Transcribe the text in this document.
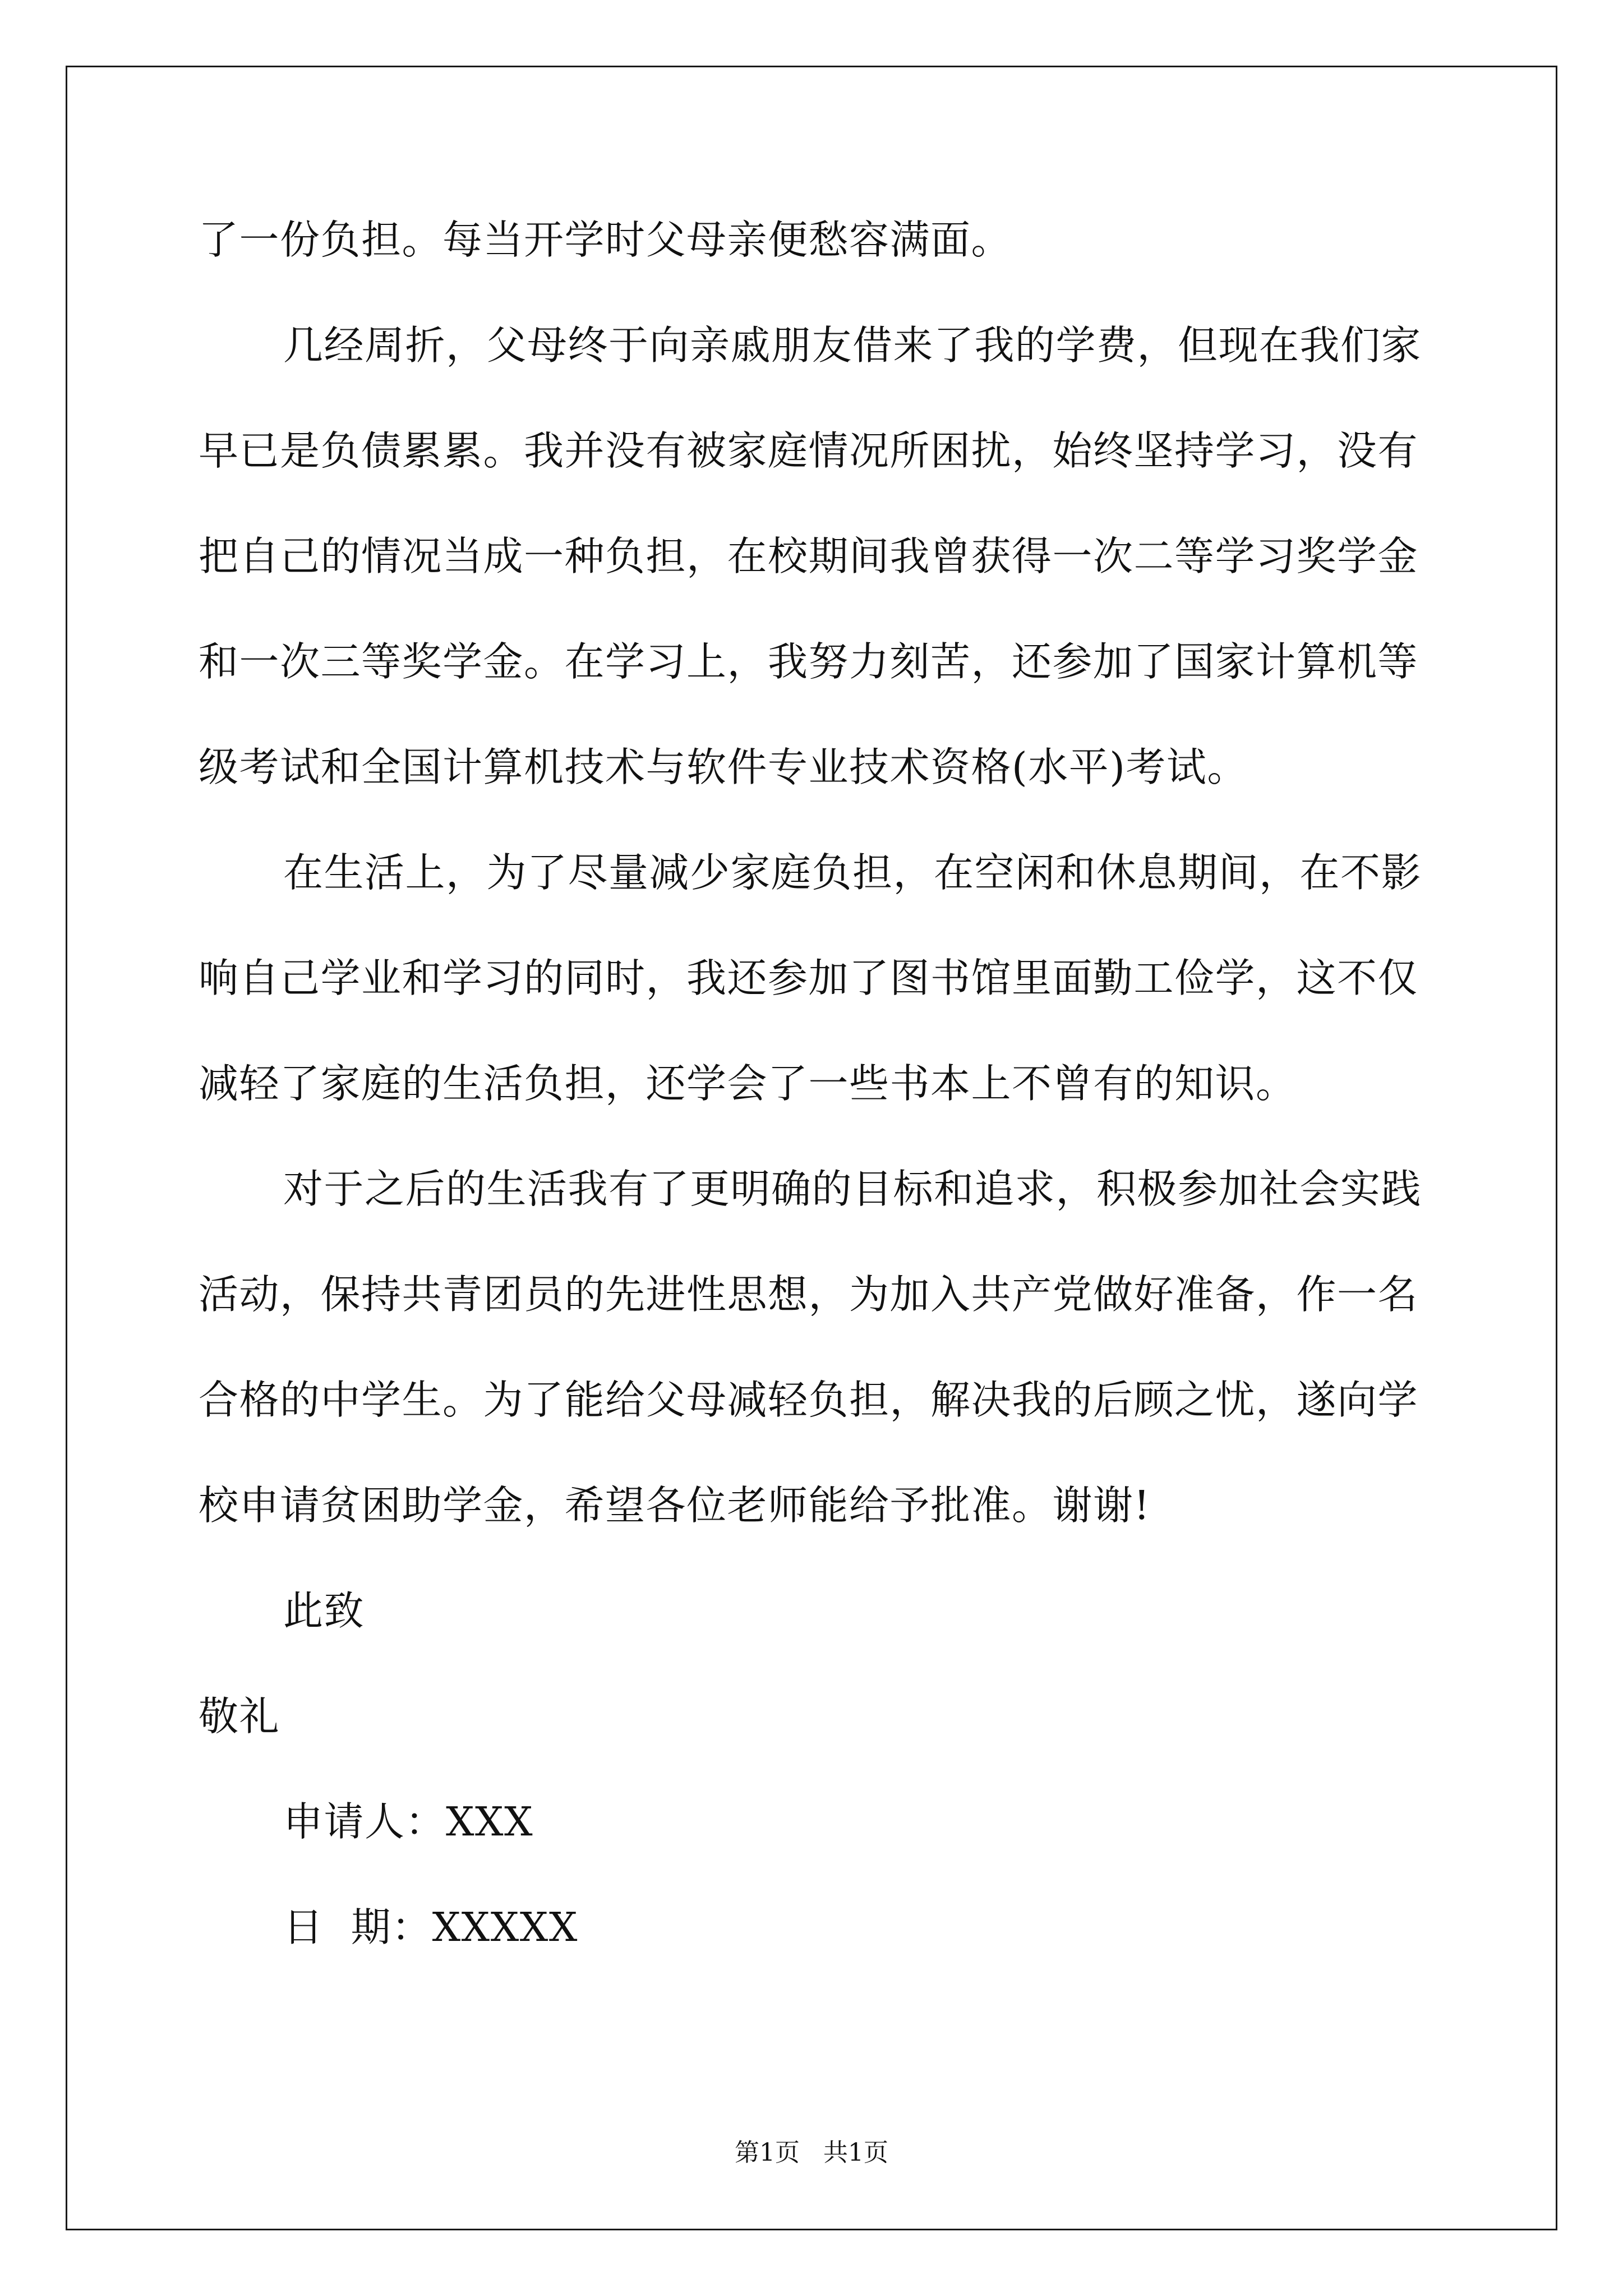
了一份负担。每当开学时父母亲便愁容满面。
几经周折，父母终于向亲戚朋友借来了我的学费，但现在我们家
早已是负债累累。我并没有被家庭情况所困扰，始终坚持学习，没有
把自己的情况当成一种负担，在校期间我曾获得一次二等学习奖学金
和一次三等奖学金。在学习上，我努力刻苦，还参加了国家计算机等
级考试和全国计算机技术与软件专业技术资格(水平)考试。
在生活上，为了尽量减少家庭负担，在空闲和休息期间，在不影
响自己学业和学习的同时，我还参加了图书馆里面勤工俭学，这不仅
减轻了家庭的生活负担，还学会了一些书本上不曾有的知识。
对于之后的生活我有了更明确的目标和追求，积极参加社会实践
活动，保持共青团员的先进性思想，为加入共产党做好准备，作一名
合格的中学生。为了能给父母减轻负担，解决我的后顾之忧，遂向学
校申请贫困助学金，希望各位老师能给予批准。谢谢!
此致
敬礼
申请人：XXX
日  期：XXXXX
第1页   共1页
